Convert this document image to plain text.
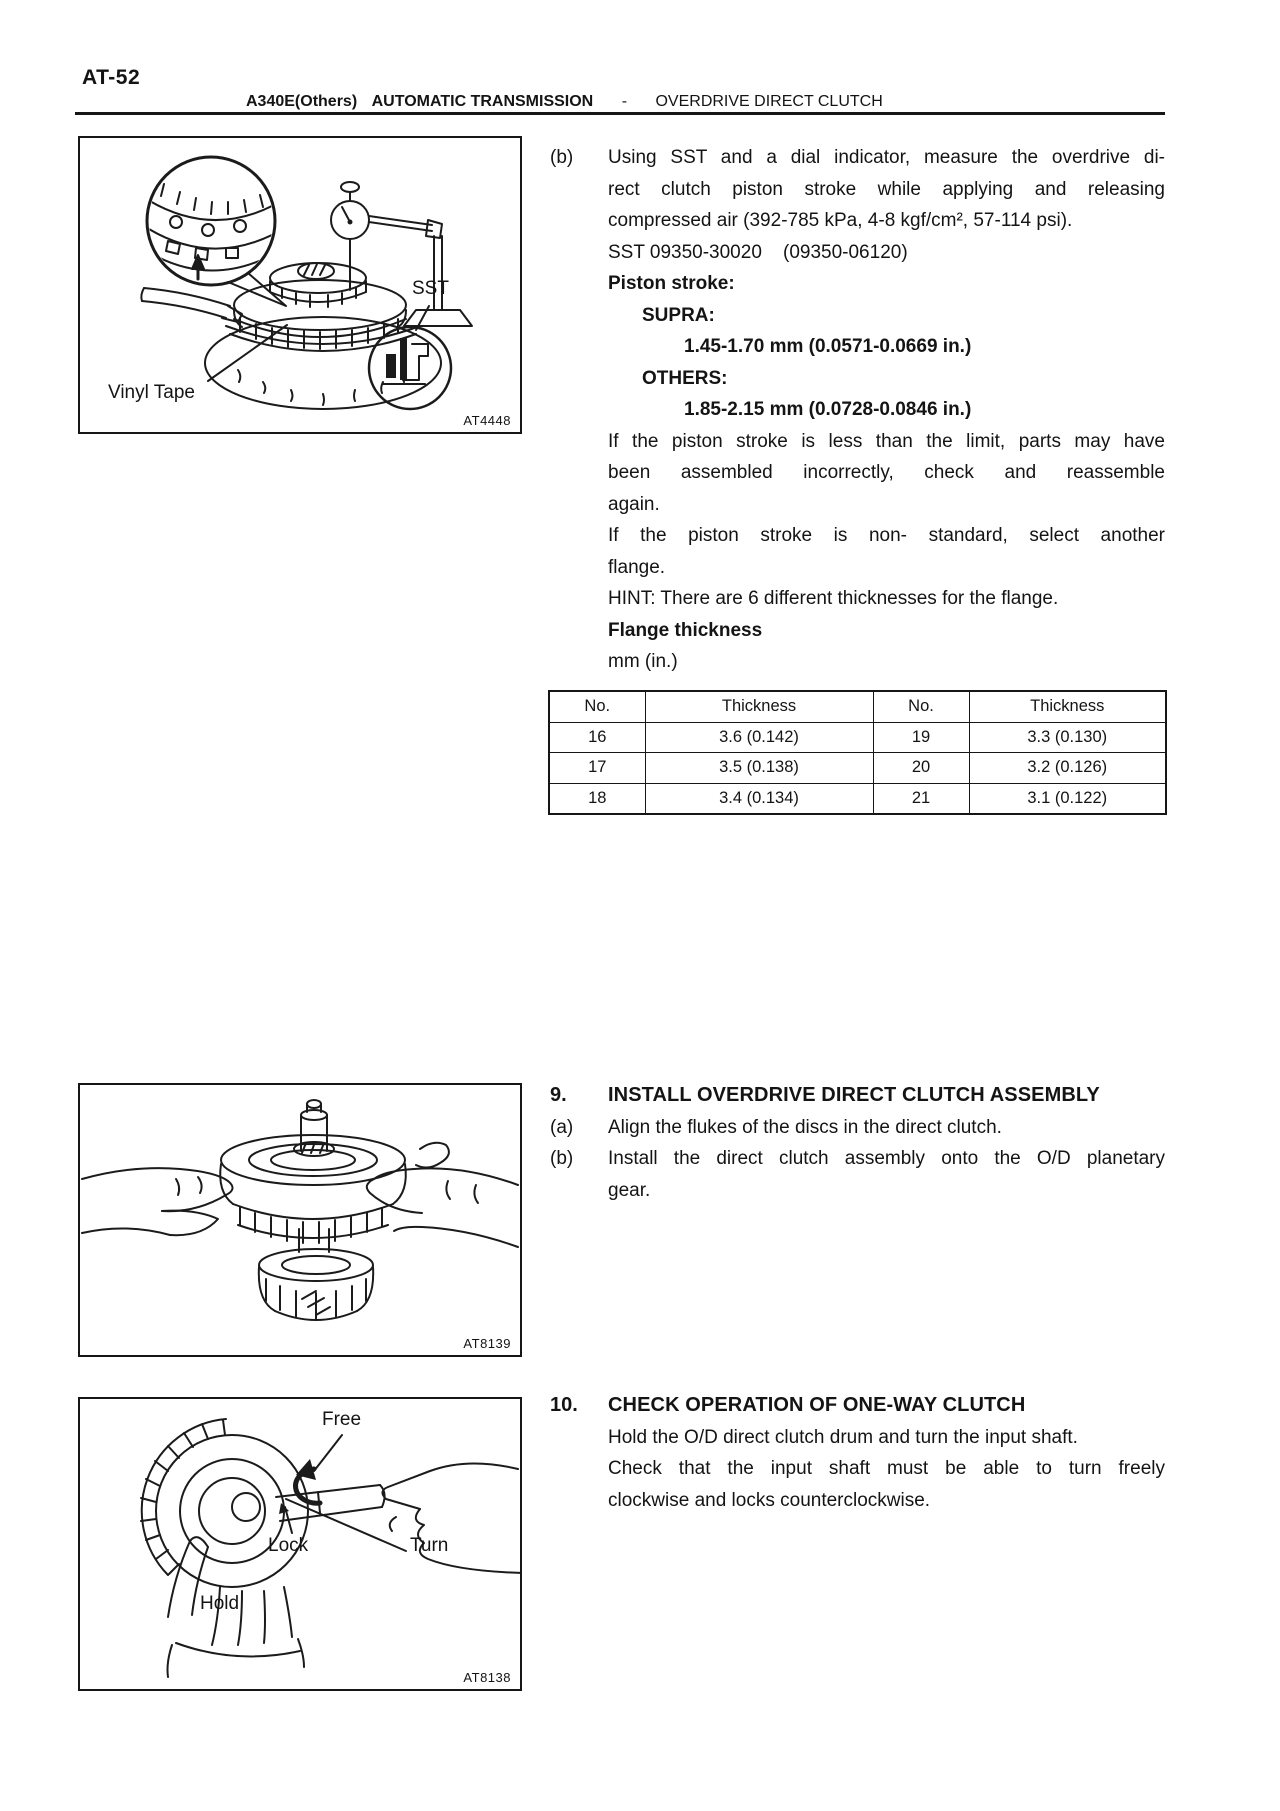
AT-52
A340E(Others) AUTOMATIC TRANSMISSION - OVERDRIVE DIRECT CLUTCH
SST
Vinyl Tape
AT4448
(b)	Using SST and a dial indicator, measure the overdrive di-
rect clutch piston stroke while applying and releasing
compressed air (392-785 kPa, 4-8 kgf/cm², 57-114 psi).
SST 09350-30020    (09350-06120)
Piston stroke:
SUPRA:
1.45-1.70 mm (0.0571-0.0669 in.)
OTHERS:
1.85-2.15 mm (0.0728-0.0846 in.)
If the piston stroke is less than the limit, parts may have
been assembled incorrectly, check and reassemble
again.
If the piston stroke is non- standard, select another
flange.
HINT: There are 6 different thicknesses for the flange.
Flange thickness
mm (in.)
No.	Thickness	No.	Thickness
16	3.6 (0.142)	19	3.3 (0.130)
17	3.5 (0.138)	20	3.2 (0.126)
18	3.4 (0.134)	21	3.1 (0.122)
AT8139
9.	INSTALL OVERDRIVE DIRECT CLUTCH ASSEMBLY
(a)	Align the flukes of the discs in the direct clutch.
(b)	Install the direct clutch assembly onto the O/D planetary
gear.
Free
Lock	Turn
Hold
AT8138
10.	CHECK OPERATION OF ONE-WAY CLUTCH
Hold the O/D direct clutch drum and turn the input shaft.
Check that the input shaft must be able to turn freely
clockwise and locks counterclockwise.
